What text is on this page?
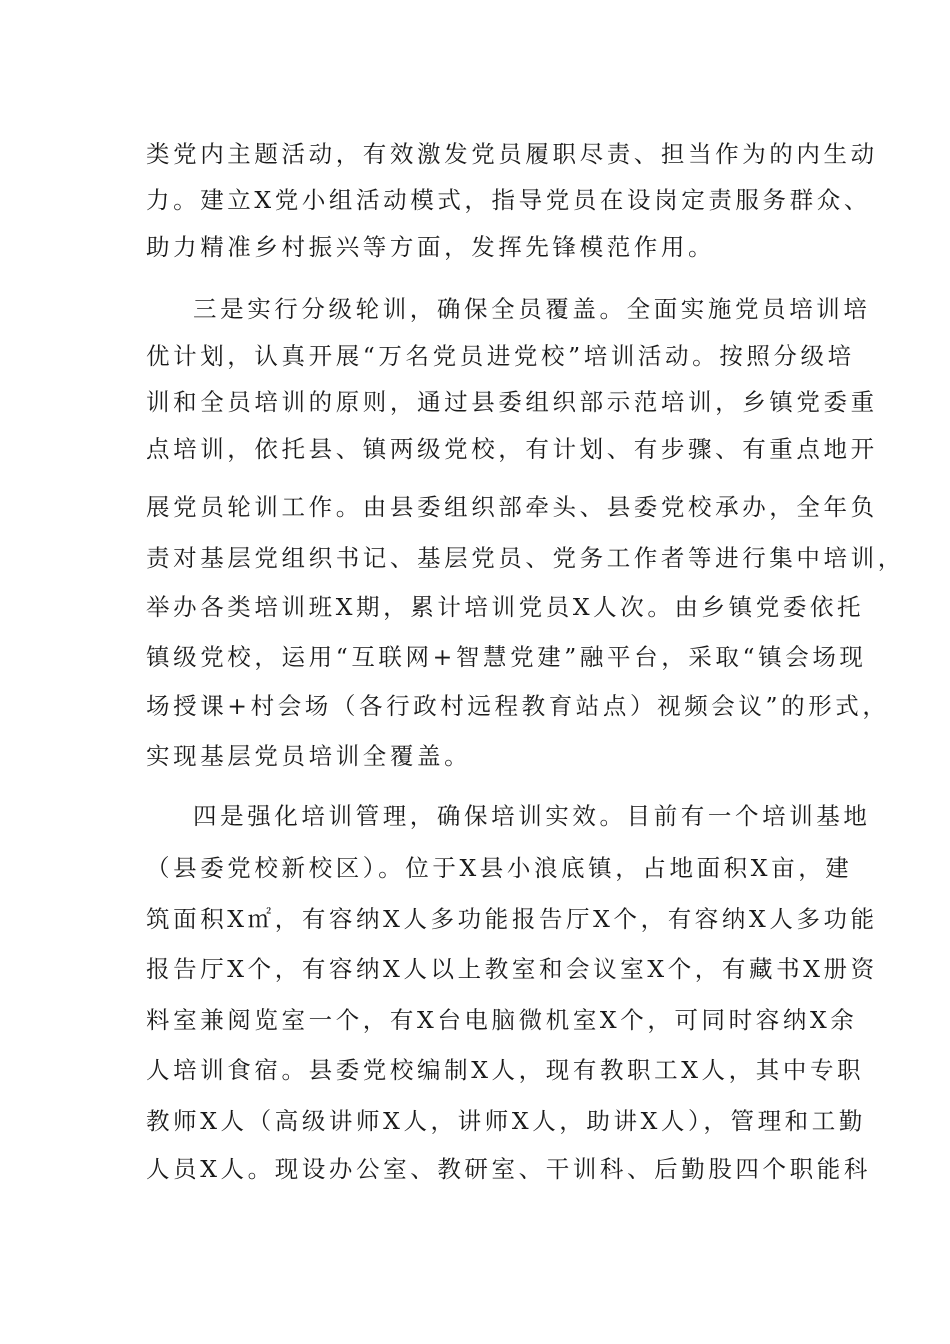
类党内主题活动，有效激发党员履职尽责、担当作为的内生动

力。建立X党小组活动模式，指导党员在设岗定责服务群众、

助力精准乡村振兴等方面，发挥先锋模范作用。

三是实行分级轮训，确保全员覆盖。全面实施党员培训培

优计划，认真开展“万名党员进党校”培训活动。按照分级培

训和全员培训的原则，通过县委组织部示范培训，乡镇党委重

点培训，依托县、镇两级党校，有计划、有步骤、有重点地开

展党员轮训工作。由县委组织部牵头、县委党校承办，全年负

责对基层党组织书记、基层党员、党务工作者等进行集中培训，

举办各类培训班X期，累计培训党员X人次。由乡镇党委依托

镇级党校，运用“互联网+智慧党建”融平台，采取“镇会场现

场授课+村会场（各行政村远程教育站点）视频会议”的形式，

实现基层党员培训全覆盖。

四是强化培训管理，确保培训实效。目前有一个培训基地

（县委党校新校区）。位于X县小浪底镇，占地面积X亩，建

筑面积X㎡，有容纳X人多功能报告厅X个，有容纳X人多功能

报告厅X个，有容纳X人以上教室和会议室X个，有藏书X册资

料室兼阅览室一个，有X台电脑微机室X个，可同时容纳X余

人培训食宿。县委党校编制X人，现有教职工X人，其中专职

教师X人（高级讲师X人，讲师X人，助讲X人），管理和工勤

人员X人。现设办公室、教研室、干训科、后勤股四个职能科
